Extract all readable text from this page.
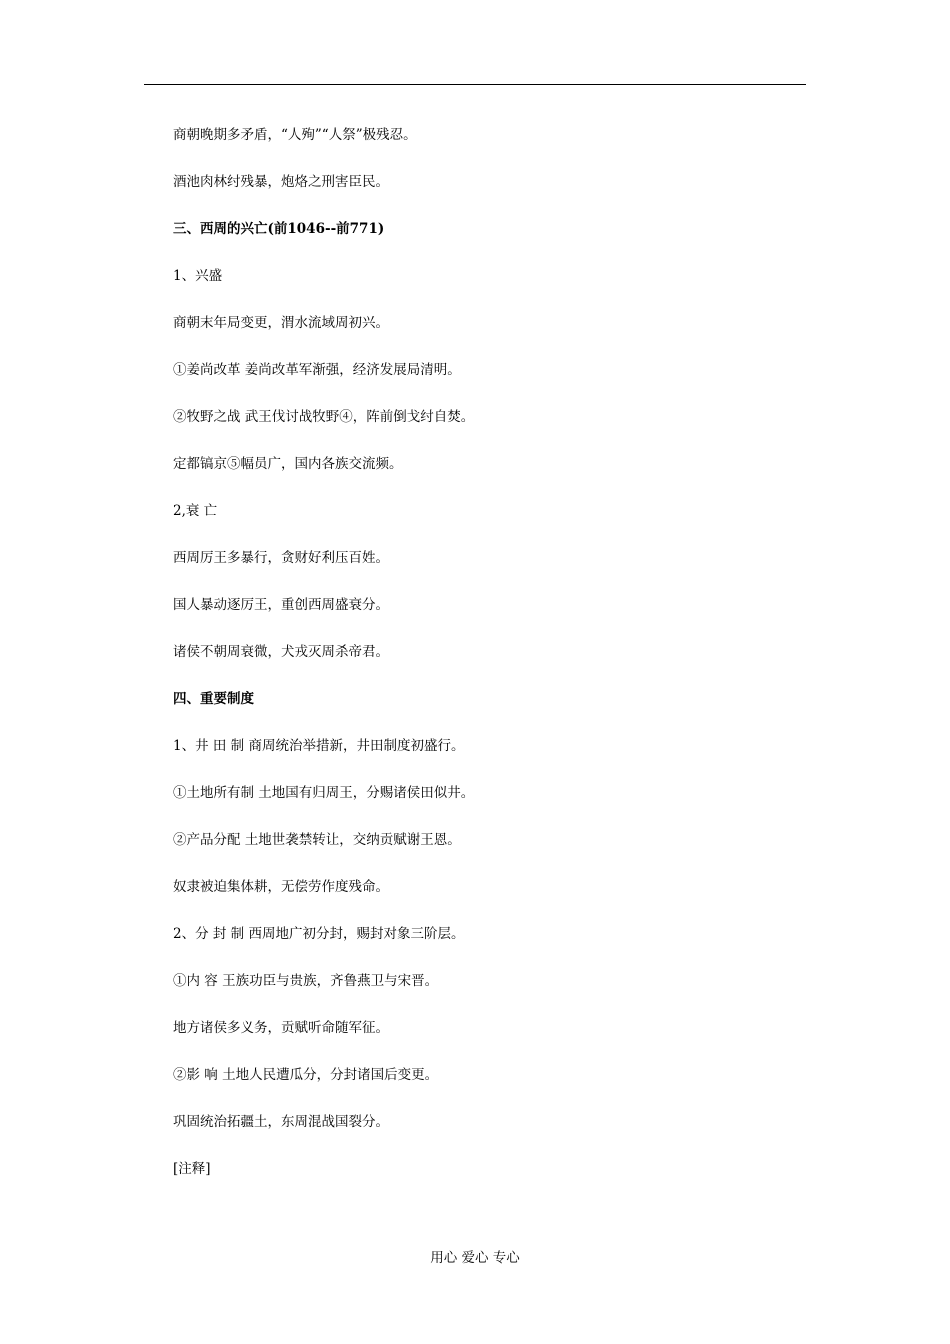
商朝晚期多矛盾，“人殉”“人祭”极残忍。
酒池肉林纣残暴，炮烙之刑害臣民。
三、西周的兴亡(前1046--前771)
1、兴盛
商朝末年局变更，渭水流域周初兴。
①姜尚改革 姜尚改革军渐强，经济发展局清明。
②牧野之战 武王伐讨战牧野④，阵前倒戈纣自焚。
定都镐京⑤幅员广，国内各族交流频。
2,衰 亡
西周厉王多暴行，贪财好利压百姓。
国人暴动逐厉王，重创西周盛衰分。
诸侯不朝周衰微，犬戎灭周杀帝君。
四、重要制度
1、井 田 制 商周统治举措新，井田制度初盛行。
①土地所有制 土地国有归周王，分赐诸侯田似井。
②产品分配 土地世袭禁转让，交纳贡赋谢王恩。
奴隶被迫集体耕，无偿劳作度残命。
2、分 封 制 西周地广初分封，赐封对象三阶层。
①内 容 王族功臣与贵族，齐鲁燕卫与宋晋。
地方诸侯多义务，贡赋听命随军征。
②影 响 土地人民遭瓜分，分封诸国后变更。
巩固统治拓疆土，东周混战国裂分。
[注释]
用心 爱心 专心
